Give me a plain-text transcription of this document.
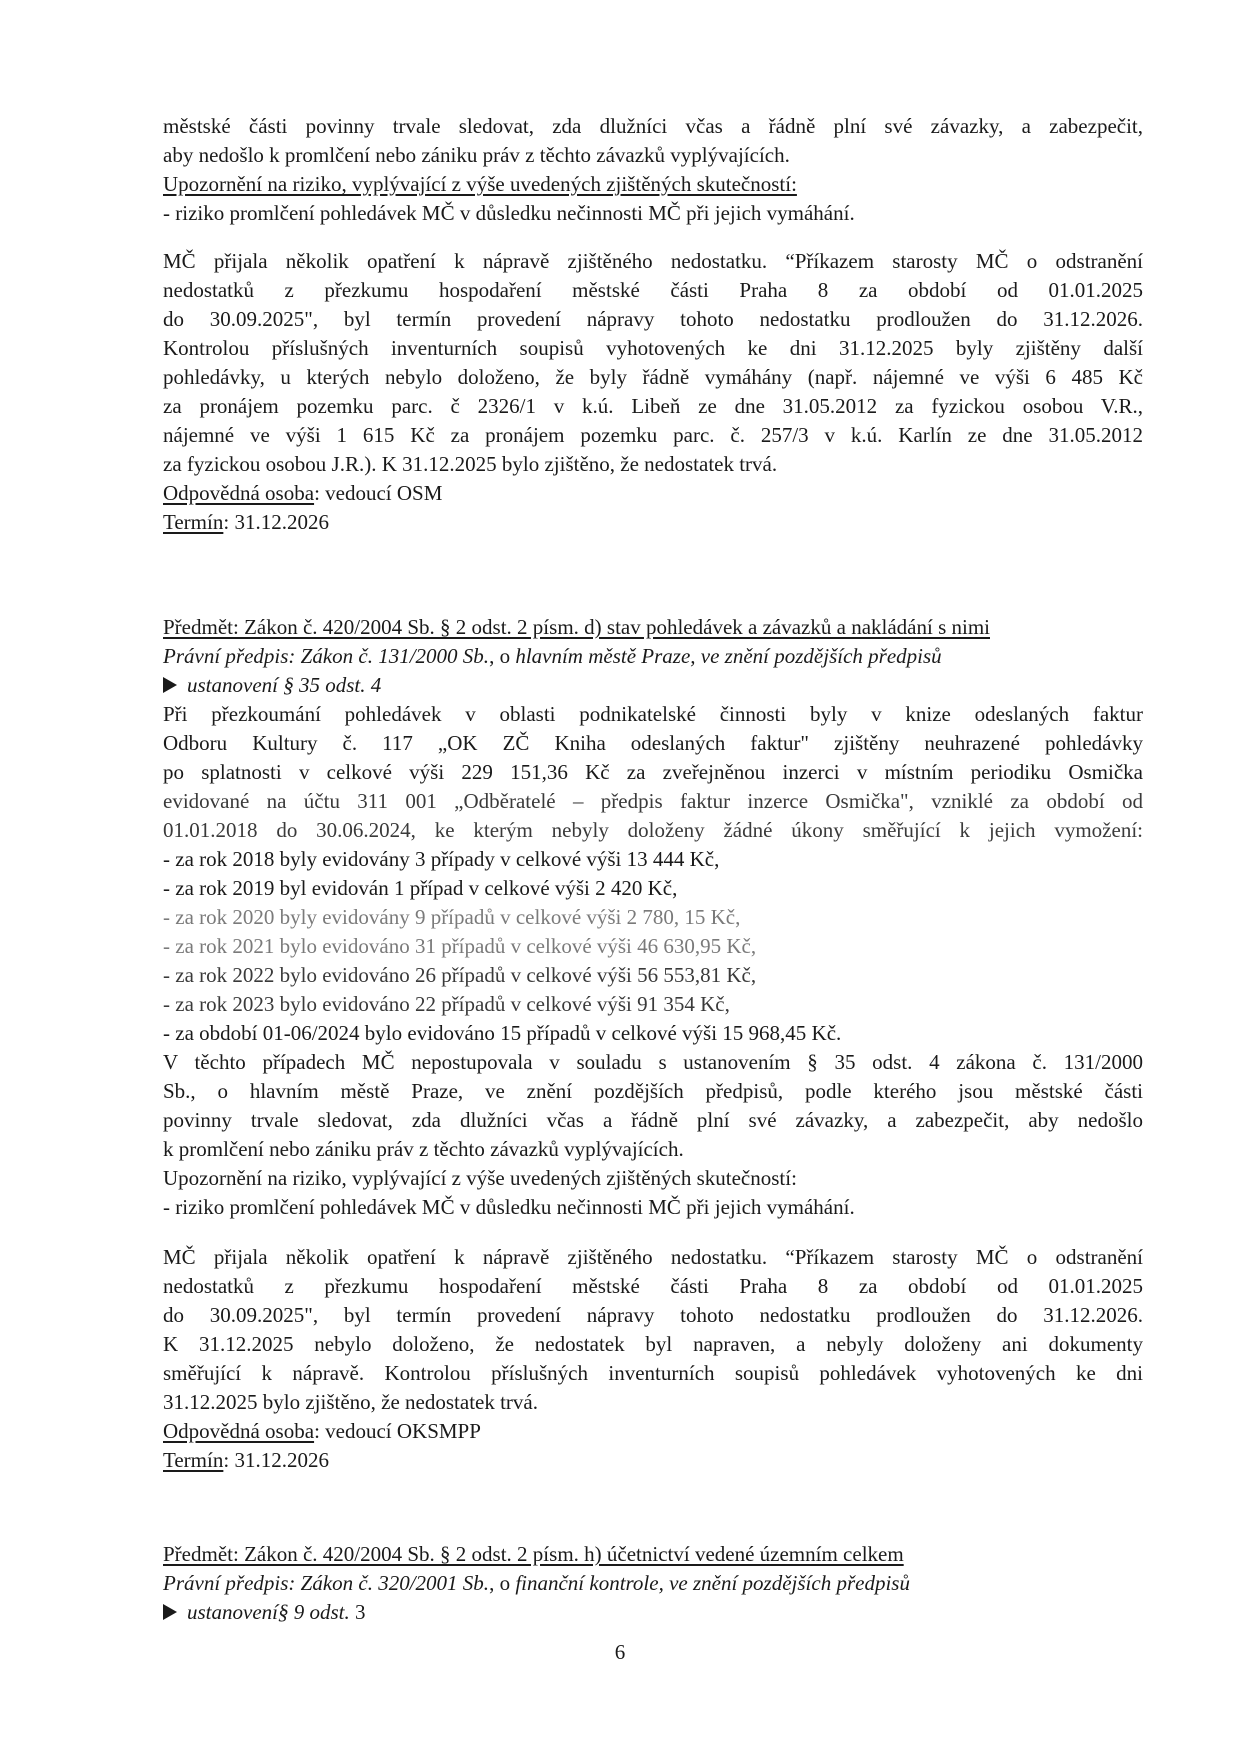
městské části povinny trvale sledovat, zda dlužníci včas a řádně plní své závazky, a zabezpečit,
aby nedošlo k promlčení nebo zániku práv z těchto závazků vyplývajících.
Upozornění na riziko, vyplývající z výše uvedených zjištěných skutečností:
- riziko promlčení pohledávek MČ v důsledku nečinnosti MČ při jejich vymáhání.
MČ přijala několik opatření k nápravě zjištěného nedostatku. “Příkazem starosty MČ o odstranění
nedostatků z přezkumu hospodaření městské části Praha 8 za období od 01.01.2025
do 30.09.2025", byl termín provedení nápravy tohoto nedostatku prodloužen do 31.12.2026.
Kontrolou příslušných inventurních soupisů vyhotovených ke dni 31.12.2025 byly zjištěny další
pohledávky, u kterých nebylo doloženo, že byly řádně vymáhány (např. nájemné ve výši 6 485 Kč
za pronájem pozemku parc. č 2326/1 v k.ú. Libeň ze dne 31.05.2012 za fyzickou osobou V.R.,
nájemné ve výši 1 615 Kč za pronájem pozemku parc. č. 257/3 v k.ú. Karlín ze dne 31.05.2012
za fyzickou osobou J.R.). K 31.12.2025 bylo zjištěno, že nedostatek trvá.
Odpovědná osoba: vedoucí OSM
Termín: 31.12.2026
Předmět: Zákon č. 420/2004 Sb. § 2 odst. 2 písm. d) stav pohledávek a závazků a nakládání s nimi
Právní předpis: Zákon č. 131/2000 Sb., o hlavním městě Praze, ve znění pozdějších předpisů
ustanovení § 35 odst. 4
Při přezkoumání pohledávek v oblasti podnikatelské činnosti byly v knize odeslaných faktur
Odboru Kultury č. 117 „OK ZČ Kniha odeslaných faktur" zjištěny neuhrazené pohledávky
po splatnosti v celkové výši 229 151,36 Kč za zveřejněnou inzerci v místním periodiku Osmička
evidované na účtu 311 001 „Odběratelé – předpis faktur inzerce Osmička", vzniklé za období od
01.01.2018 do 30.06.2024, ke kterým nebyly doloženy žádné úkony směřující k jejich vymožení:
- za rok 2018 byly evidovány 3 případy v celkové výši 13 444 Kč,
- za rok 2019 byl evidován 1 případ v celkové výši 2 420 Kč,
- za rok 2020 byly evidovány 9 případů v celkové výši 2 780, 15 Kč,
- za rok 2021 bylo evidováno 31 případů v celkové výši 46 630,95 Kč,
- za rok 2022 bylo evidováno 26 případů v celkové výši 56 553,81 Kč,
- za rok 2023 bylo evidováno 22 případů v celkové výši 91 354 Kč,
- za období 01-06/2024 bylo evidováno 15 případů v celkové výši 15 968,45 Kč.
V těchto případech MČ nepostupovala v souladu s ustanovením § 35 odst. 4 zákona č. 131/2000
Sb., o hlavním městě Praze, ve znění pozdějších předpisů, podle kterého jsou městské části
povinny trvale sledovat, zda dlužníci včas a řádně plní své závazky, a zabezpečit, aby nedošlo
k promlčení nebo zániku práv z těchto závazků vyplývajících.
Upozornění na riziko, vyplývající z výše uvedených zjištěných skutečností:
- riziko promlčení pohledávek MČ v důsledku nečinnosti MČ při jejich vymáhání.
MČ přijala několik opatření k nápravě zjištěného nedostatku. “Příkazem starosty MČ o odstranění
nedostatků z přezkumu hospodaření městské části Praha 8 za období od 01.01.2025
do 30.09.2025", byl termín provedení nápravy tohoto nedostatku prodloužen do 31.12.2026.
K 31.12.2025 nebylo doloženo, že nedostatek byl napraven, a nebyly doloženy ani dokumenty
směřující k nápravě. Kontrolou příslušných inventurních soupisů pohledávek vyhotovených ke dni
31.12.2025 bylo zjištěno, že nedostatek trvá.
Odpovědná osoba: vedoucí OKSMPP
Termín: 31.12.2026
Předmět: Zákon č. 420/2004 Sb. § 2 odst. 2 písm. h) účetnictví vedené územním celkem
Právní předpis: Zákon č. 320/2001 Sb., o finanční kontrole, ve znění pozdějších předpisů
ustanovení§ 9 odst. 3
6
